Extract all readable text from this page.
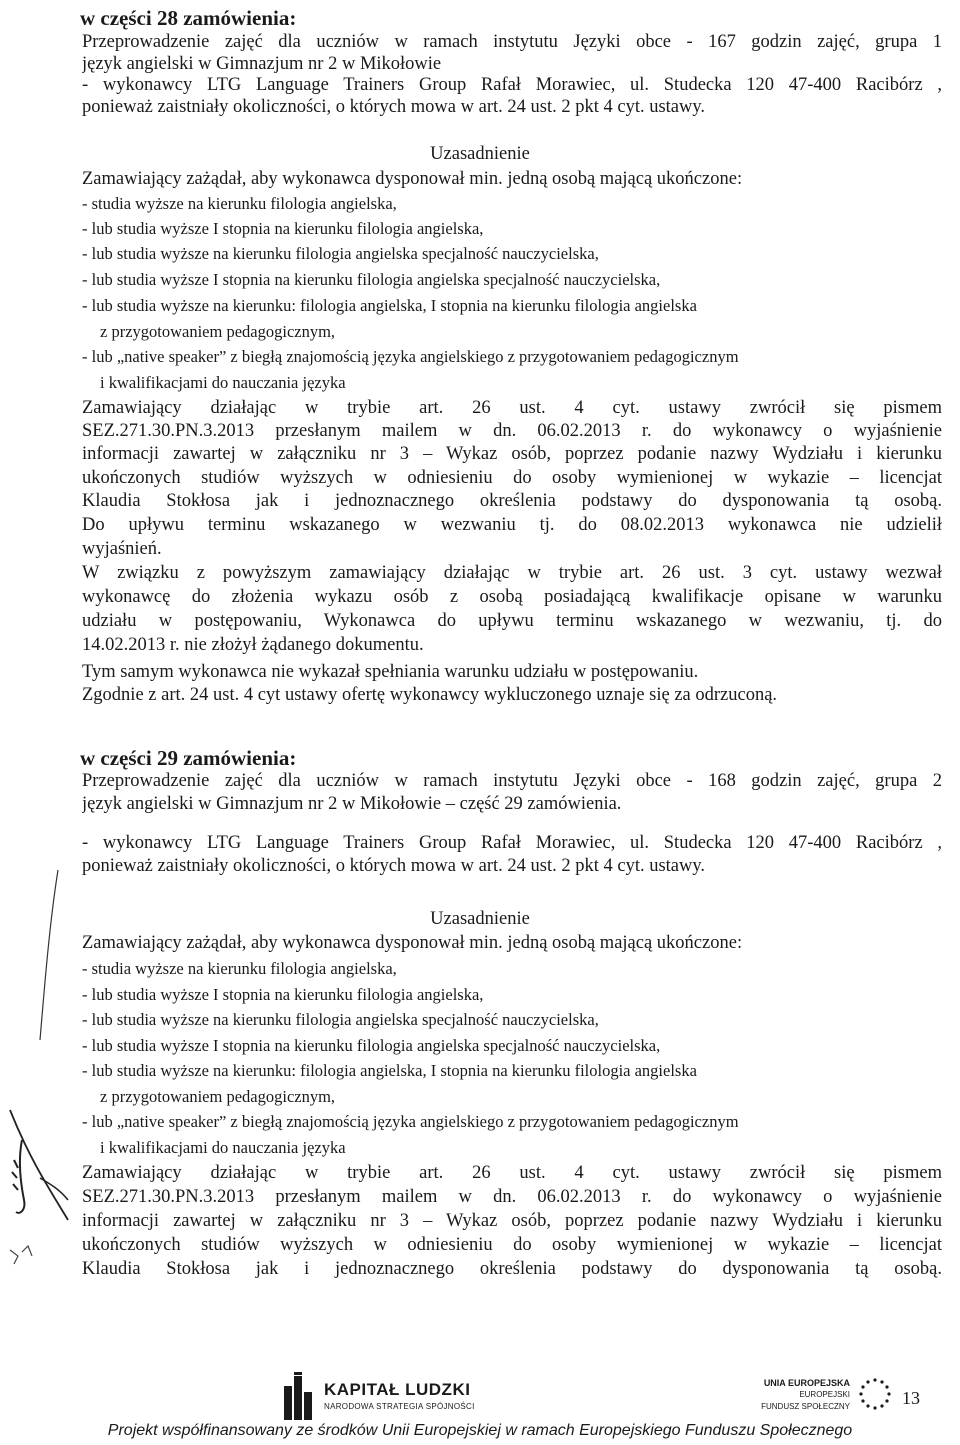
w części 28 zamówienia:
Przeprowadzenie zajęć dla uczniów w ramach instytutu Języki obce - 167 godzin zajęć, grupa 1
język angielski w Gimnazjum nr 2 w Mikołowie
- wykonawcy LTG Language Trainers Group Rafał Morawiec, ul. Studecka 120 47-400 Racibórz ,
ponieważ zaistniały okoliczności, o których mowa w art. 24 ust. 2 pkt 4 cyt. ustawy.
Uzasadnienie
Zamawiający zażądał, aby wykonawca dysponował min. jedną osobą mającą ukończone:
- studia wyższe na kierunku filologia angielska,
- lub studia wyższe I stopnia na kierunku filologia angielska,
- lub studia wyższe na kierunku filologia angielska specjalność nauczycielska,
- lub studia wyższe I stopnia na kierunku filologia angielska specjalność nauczycielska,
- lub studia wyższe na kierunku: filologia angielska, I stopnia na kierunku filologia angielska
z przygotowaniem pedagogicznym,
- lub „native speaker” z biegłą znajomością języka angielskiego z przygotowaniem pedagogicznym
i kwalifikacjami do nauczania języka
Zamawiający działając w trybie art. 26 ust. 4 cyt. ustawy zwrócił się pismem
SEZ.271.30.PN.3.2013 przesłanym mailem w dn. 06.02.2013 r. do wykonawcy o wyjaśnienie
informacji zawartej w załączniku nr 3 – Wykaz osób, poprzez podanie nazwy Wydziału i kierunku
ukończonych studiów wyższych w odniesieniu do osoby wymienionej w wykazie – licencjat
Klaudia Stokłosa jak i jednoznacznego określenia podstawy do dysponowania tą osobą.
Do upływu terminu wskazanego w wezwaniu tj. do 08.02.2013 wykonawca nie udzielił
wyjaśnień.
W związku z powyższym zamawiający działając w trybie art. 26 ust. 3 cyt. ustawy wezwał
wykonawcę do złożenia wykazu osób z osobą posiadającą kwalifikacje opisane w warunku
udziału w postępowaniu, Wykonawca do upływu terminu wskazanego w wezwaniu, tj. do
14.02.2013 r. nie złożył żądanego dokumentu.
Tym samym wykonawca nie wykazał spełniania warunku udziału w postępowaniu.
Zgodnie z art. 24 ust. 4 cyt ustawy ofertę wykonawcy wykluczonego uznaje się za odrzuconą.
w części 29 zamówienia:
Przeprowadzenie zajęć dla uczniów w ramach instytutu Języki obce - 168 godzin zajęć, grupa 2
język angielski w Gimnazjum nr 2 w Mikołowie – część 29 zamówienia.
- wykonawcy LTG Language Trainers Group Rafał Morawiec, ul. Studecka 120 47-400 Racibórz ,
ponieważ zaistniały okoliczności, o których mowa w art. 24 ust. 2 pkt 4 cyt. ustawy.
Uzasadnienie
Zamawiający zażądał, aby wykonawca dysponował min. jedną osobą mającą ukończone:
- studia wyższe na kierunku filologia angielska,
- lub studia wyższe I stopnia na kierunku filologia angielska,
- lub studia wyższe na kierunku filologia angielska specjalność nauczycielska,
- lub studia wyższe I stopnia na kierunku filologia angielska specjalność nauczycielska,
- lub studia wyższe na kierunku: filologia angielska, I stopnia na kierunku filologia angielska
z przygotowaniem pedagogicznym,
- lub „native speaker” z biegłą znajomością języka angielskiego z przygotowaniem pedagogicznym
i kwalifikacjami do nauczania języka
Zamawiający działając w trybie art. 26 ust. 4 cyt. ustawy zwrócił się pismem
SEZ.271.30.PN.3.2013 przesłanym mailem w dn. 06.02.2013 r. do wykonawcy o wyjaśnienie
informacji zawartej w załączniku nr 3 – Wykaz osób, poprzez podanie nazwy Wydziału i kierunku
ukończonych studiów wyższych w odniesieniu do osoby wymienionej w wykazie – licencjat
Klaudia Stokłosa jak i jednoznacznego określenia podstawy do dysponowania tą osobą.
13
KAPITAŁ LUDZKI
NARODOWA STRATEGIA SPÓJNOŚCI
UNIA EUROPEJSKA
EUROPEJSKI
FUNDUSZ SPOŁECZNY
Projekt współfinansowany ze środków Unii Europejskiej w ramach Europejskiego Funduszu Społecznego
